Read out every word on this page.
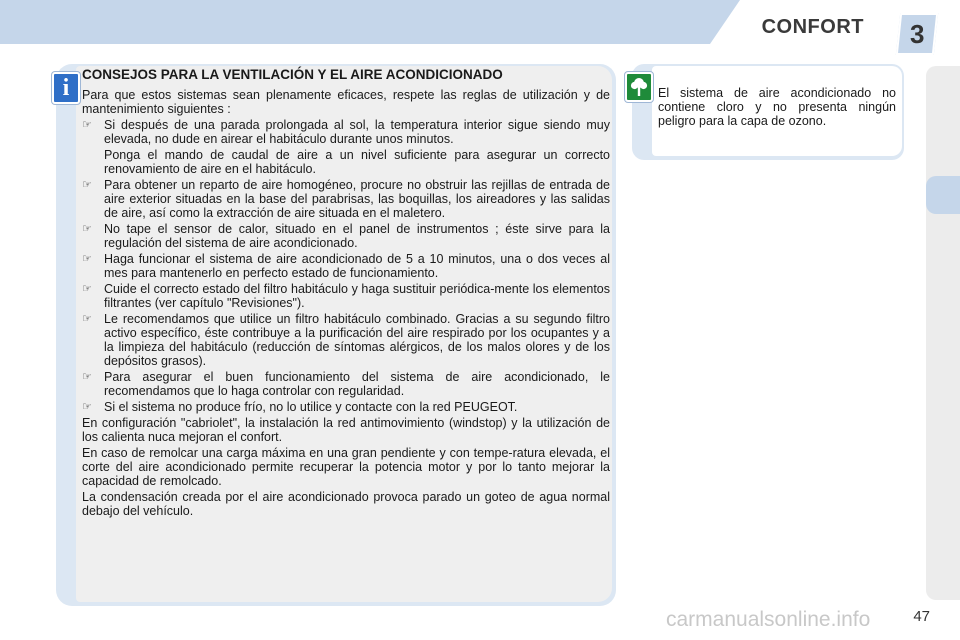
CONFORT 3
i
CONSEJOS PARA LA VENTILACIÓN Y EL AIRE ACONDICIONADO

Para que estos sistemas sean plenamente eficaces, respete las reglas de utilización y de mantenimiento siguientes :

☞ Si después de una parada prolongada al sol, la temperatura interior sigue siendo muy elevada, no dude en airear el habitáculo durante unos minutos.

Ponga el mando de caudal de aire a un nivel suficiente para asegurar un correcto renovamiento de aire en el habitáculo.

☞ Para obtener un reparto de aire homogéneo, procure no obstruir las rejillas de entrada de aire exterior situadas en la base del parabrisas, las boquillas, los aireadores y las salidas de aire, así como la extracción de aire situada en el maletero.
☞ No tape el sensor de calor, situado en el panel de instrumentos ; éste sirve para la regulación del sistema de aire acondicionado.
☞ Haga funcionar el sistema de aire acondicionado de 5 a 10 minutos, una o dos veces al mes para mantenerlo en perfecto estado de funcionamiento.
☞ Cuide el correcto estado del filtro habitáculo y haga sustituir periódica-mente los elementos filtrantes (ver capítulo "Revisiones").
☞ Le recomendamos que utilice un filtro habitáculo combinado. Gracias a su segundo filtro activo específico, éste contribuye a la purificación del aire respirado por los ocupantes y a la limpieza del habitáculo (reducción de síntomas alérgicos, de los malos olores y de los depósitos grasos).
☞ Para asegurar el buen funcionamiento del sistema de aire acondicionado, le recomendamos que lo haga controlar con regularidad.
☞ Si el sistema no produce frío, no lo utilice y contacte con la red PEUGEOT.

En configuración "cabriolet", la instalación la red antimovimiento (windstop) y la utilización de los calienta nuca mejoran el confort.

En caso de remolcar una carga máxima en una gran pendiente y con tempe-ratura elevada, el corte del aire acondicionado permite recuperar la potencia motor y por lo tanto mejorar la capacidad de remolcado.

La condensación creada por el aire acondicionado provoca parado un goteo de agua normal debajo del vehículo.

El sistema de aire acondicionado no contiene cloro y no presenta ningún peligro para la capa de ozono.
carmanualsonline.info	47
